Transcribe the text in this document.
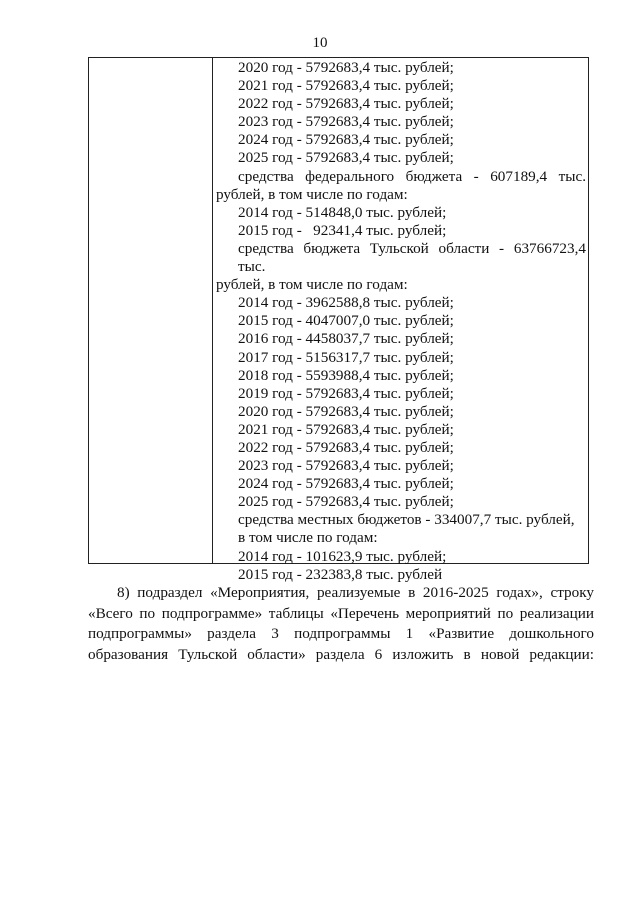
10
2020 год - 5792683,4 тыс. рублей;
2021 год - 5792683,4 тыс. рублей;
2022 год - 5792683,4 тыс. рублей;
2023 год - 5792683,4 тыс. рублей;
2024 год - 5792683,4 тыс. рублей;
2025 год - 5792683,4 тыс. рублей;
средства федерального бюджета - 607189,4 тыс.
рублей, в том числе по годам:
2014 год - 514848,0 тыс. рублей;
2015 год -   92341,4 тыс. рублей;
средства бюджета Тульской области - 63766723,4 тыс.
рублей, в том числе по годам:
2014 год - 3962588,8 тыс. рублей;
2015 год - 4047007,0 тыс. рублей;
2016 год - 4458037,7 тыс. рублей;
2017 год - 5156317,7 тыс. рублей;
2018 год - 5593988,4 тыс. рублей;
2019 год - 5792683,4 тыс. рублей;
2020 год - 5792683,4 тыс. рублей;
2021 год - 5792683,4 тыс. рублей;
2022 год - 5792683,4 тыс. рублей;
2023 год - 5792683,4 тыс. рублей;
2024 год - 5792683,4 тыс. рублей;
2025 год - 5792683,4 тыс. рублей;
средства местных бюджетов - 334007,7 тыс. рублей,
в том числе по годам:
2014 год - 101623,9 тыс. рублей;
2015 год - 232383,8 тыс. рублей
8) подраздел «Мероприятия, реализуемые в 2016-2025 годах», строку
«Всего по подпрограмме» таблицы «Перечень мероприятий по реализации
подпрограммы» раздела 3 подпрограммы 1 «Развитие дошкольного
образования Тульской области» раздела 6 изложить в новой редакции:
